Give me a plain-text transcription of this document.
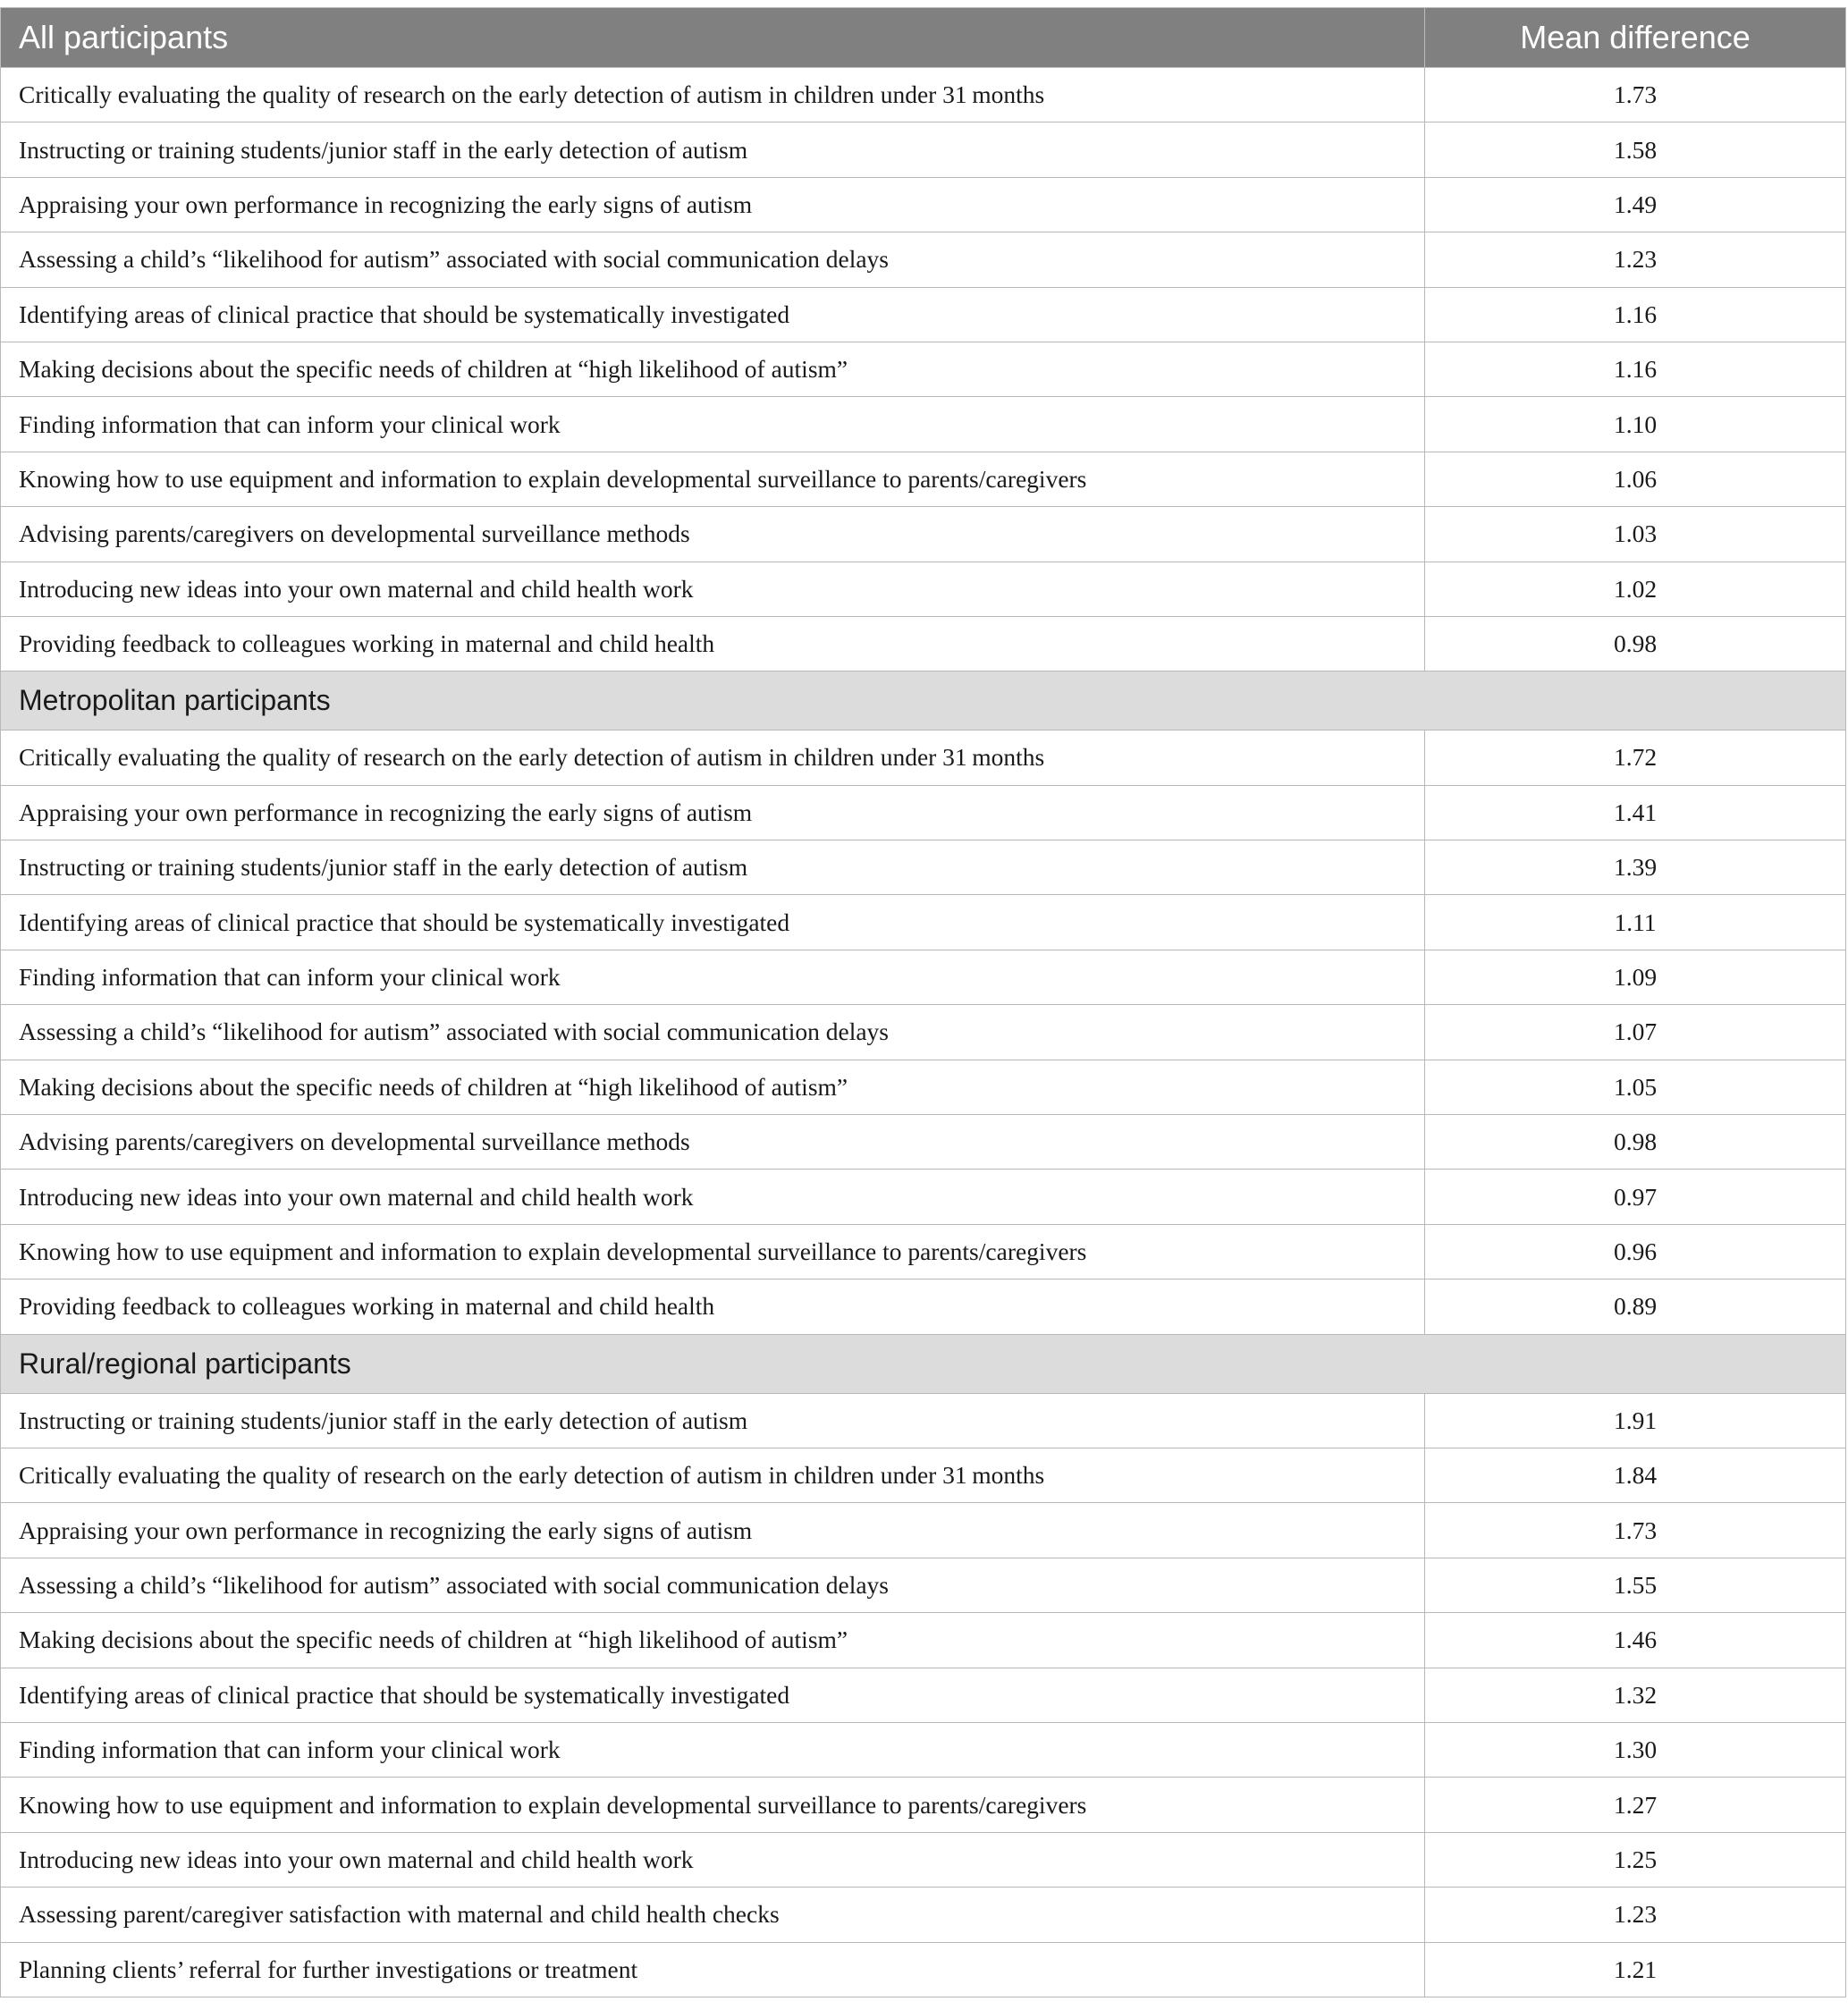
All participants	Mean difference
Critically evaluating the quality of research on the early detection of autism in children under 31 months	1.73
Instructing or training students/junior staff in the early detection of autism	1.58
Appraising your own performance in recognizing the early signs of autism	1.49
Assessing a child’s “likelihood for autism” associated with social communication delays	1.23
Identifying areas of clinical practice that should be systematically investigated	1.16
Making decisions about the specific needs of children at “high likelihood of autism”	1.16
Finding information that can inform your clinical work	1.10
Knowing how to use equipment and information to explain developmental surveillance to parents/caregivers	1.06
Advising parents/caregivers on developmental surveillance methods	1.03
Introducing new ideas into your own maternal and child health work	1.02
Providing feedback to colleagues working in maternal and child health	0.98
Metropolitan participants	
Critically evaluating the quality of research on the early detection of autism in children under 31 months	1.72
Appraising your own performance in recognizing the early signs of autism	1.41
Instructing or training students/junior staff in the early detection of autism	1.39
Identifying areas of clinical practice that should be systematically investigated	1.11
Finding information that can inform your clinical work	1.09
Assessing a child’s “likelihood for autism” associated with social communication delays	1.07
Making decisions about the specific needs of children at “high likelihood of autism”	1.05
Advising parents/caregivers on developmental surveillance methods	0.98
Introducing new ideas into your own maternal and child health work	0.97
Knowing how to use equipment and information to explain developmental surveillance to parents/caregivers	0.96
Providing feedback to colleagues working in maternal and child health	0.89
Rural/regional participants	
Instructing or training students/junior staff in the early detection of autism	1.91
Critically evaluating the quality of research on the early detection of autism in children under 31 months	1.84
Appraising your own performance in recognizing the early signs of autism	1.73
Assessing a child’s “likelihood for autism” associated with social communication delays	1.55
Making decisions about the specific needs of children at “high likelihood of autism”	1.46
Identifying areas of clinical practice that should be systematically investigated	1.32
Finding information that can inform your clinical work	1.30
Knowing how to use equipment and information to explain developmental surveillance to parents/caregivers	1.27
Introducing new ideas into your own maternal and child health work	1.25
Assessing parent/caregiver satisfaction with maternal and child health checks	1.23
Planning clients’ referral for further investigations or treatment	1.21
